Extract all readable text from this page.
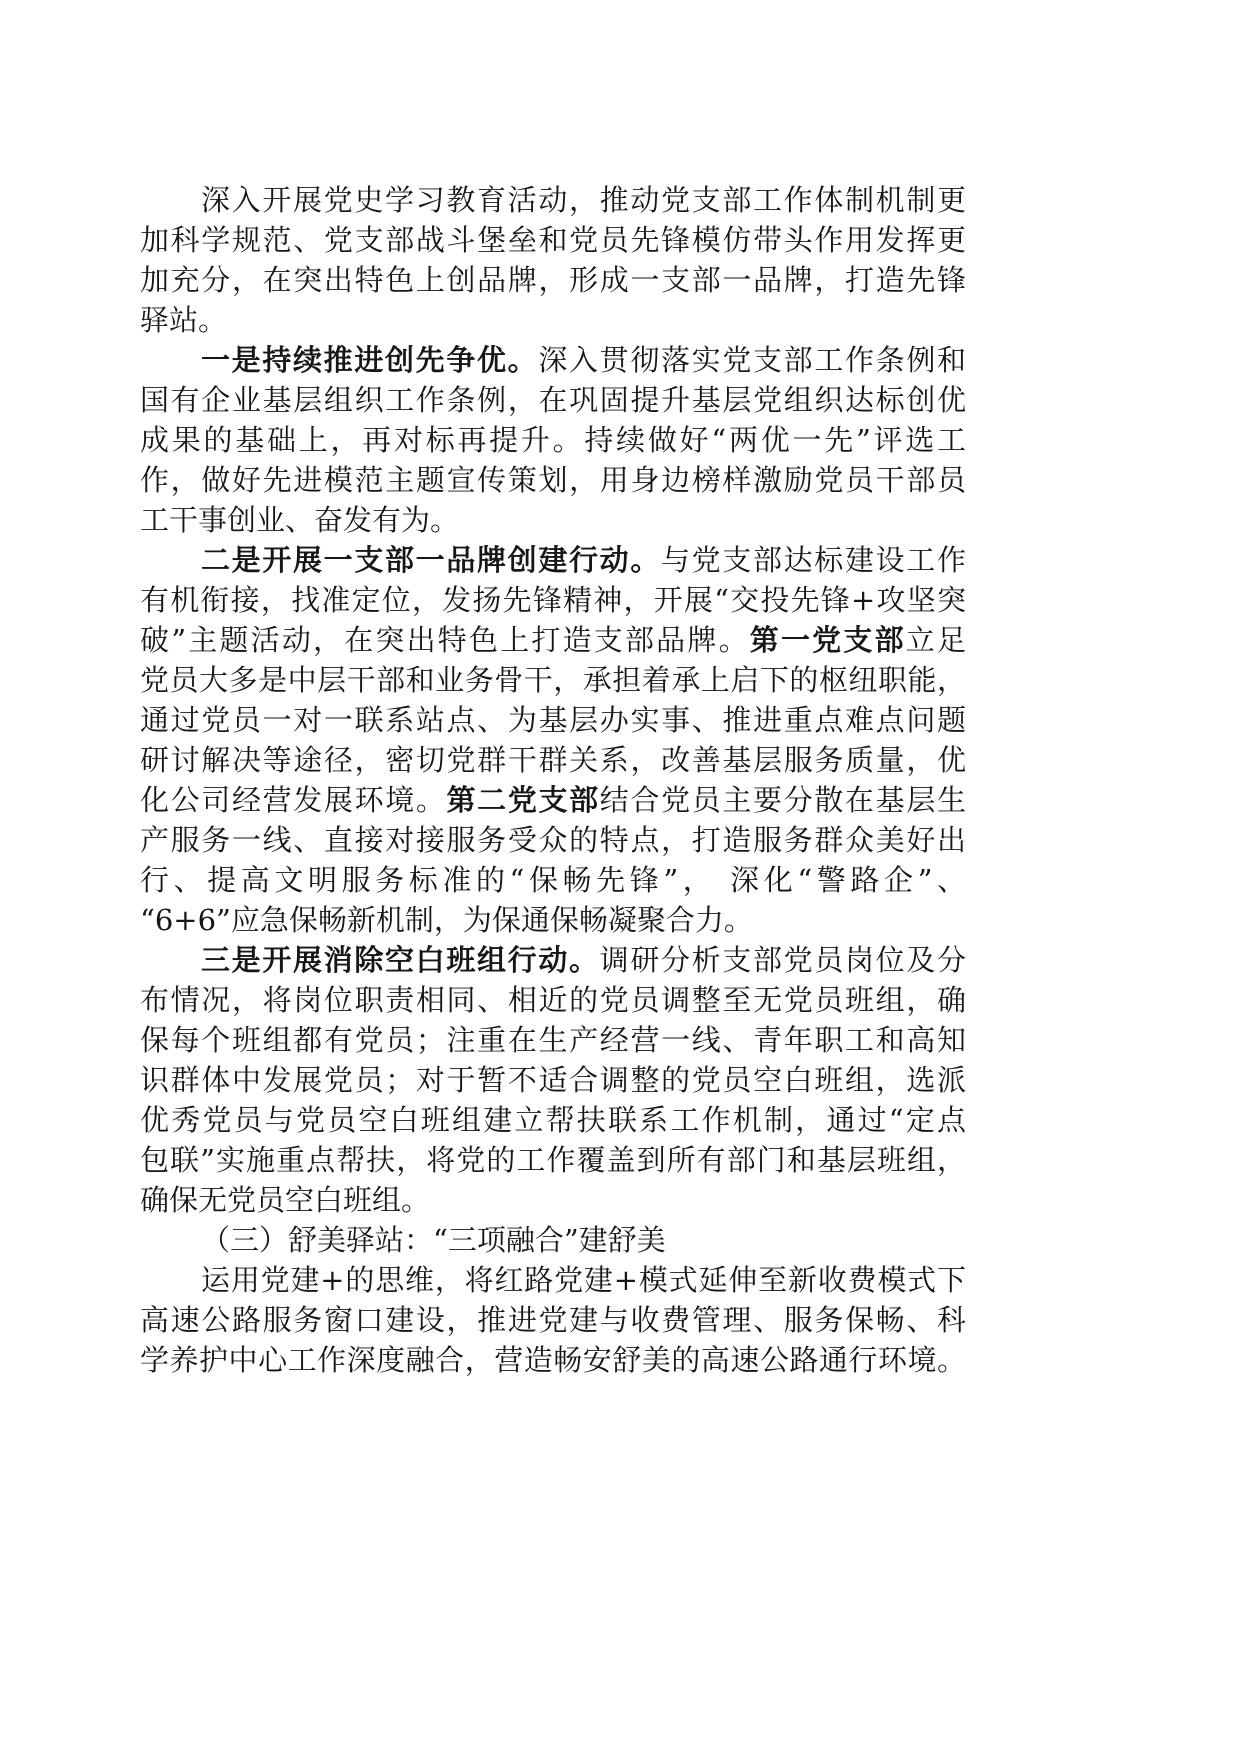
深入开展党史学习教育活动，推动党支部工作体制机制更
加科学规范、党支部战斗堡垒和党员先锋模仿带头作用发挥更
加充分，在突出特色上创品牌，形成一支部一品牌，打造先锋
驿站。
一是持续推进创先争优。深入贯彻落实党支部工作条例和
国有企业基层组织工作条例，在巩固提升基层党组织达标创优
成果的基础上，再对标再提升。持续做好“两优一先”评选工
作，做好先进模范主题宣传策划，用身边榜样激励党员干部员
工干事创业、奋发有为。
二是开展一支部一品牌创建行动。与党支部达标建设工作
有机衔接，找准定位，发扬先锋精神，开展“交投先锋+攻坚突
破”主题活动，在突出特色上打造支部品牌。第一党支部立足
党员大多是中层干部和业务骨干，承担着承上启下的枢纽职能，
通过党员一对一联系站点、为基层办实事、推进重点难点问题
研讨解决等途径，密切党群干群关系，改善基层服务质量，优
化公司经营发展环境。第二党支部结合党员主要分散在基层生
产服务一线、直接对接服务受众的特点，打造服务群众美好出
行、提高文明服务标准的“保畅先锋”， 深化“警路企”、
“6+6”应急保畅新机制，为保通保畅凝聚合力。
三是开展消除空白班组行动。调研分析支部党员岗位及分
布情况，将岗位职责相同、相近的党员调整至无党员班组，确
保每个班组都有党员；注重在生产经营一线、青年职工和高知
识群体中发展党员；对于暂不适合调整的党员空白班组，选派
优秀党员与党员空白班组建立帮扶联系工作机制，通过“定点
包联”实施重点帮扶，将党的工作覆盖到所有部门和基层班组，
确保无党员空白班组。
（三）舒美驿站：“三项融合”建舒美
运用党建+的思维，将红路党建+模式延伸至新收费模式下
高速公路服务窗口建设，推进党建与收费管理、服务保畅、科
学养护中心工作深度融合，营造畅安舒美的高速公路通行环境。
